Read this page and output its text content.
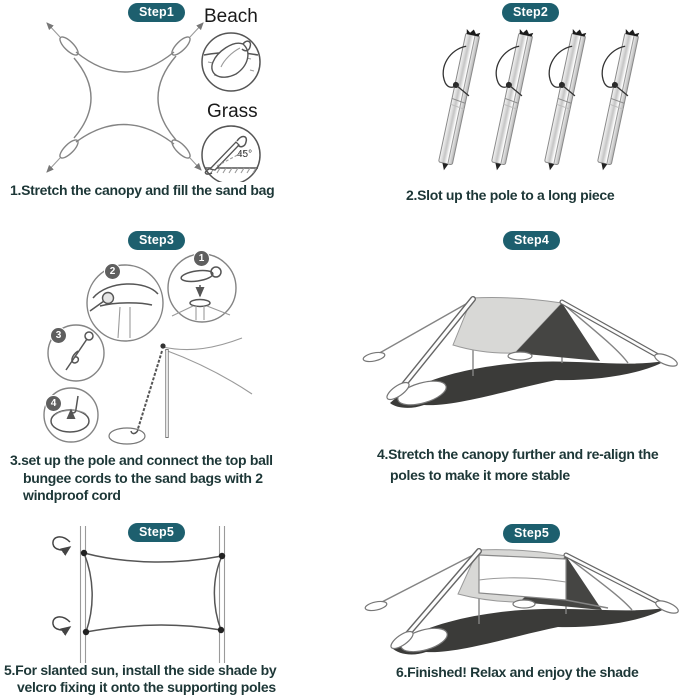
Step1	Beach
Grass
45°
1.Stretch the canopy and fill the sand bag
Step2
2.Slot up the pole to a long piece
Step3
1
2
3
4
3.set up the pole and connect the top ball
bungee cords to the sand bags with 2
windproof cord
Step4
4.Stretch the canopy further and re-align the
poles to make it more stable
Step5
5.For slanted sun, install the side shade by
velcro fixing it onto the supporting poles
Step5
6.Finished! Relax and enjoy the shade
